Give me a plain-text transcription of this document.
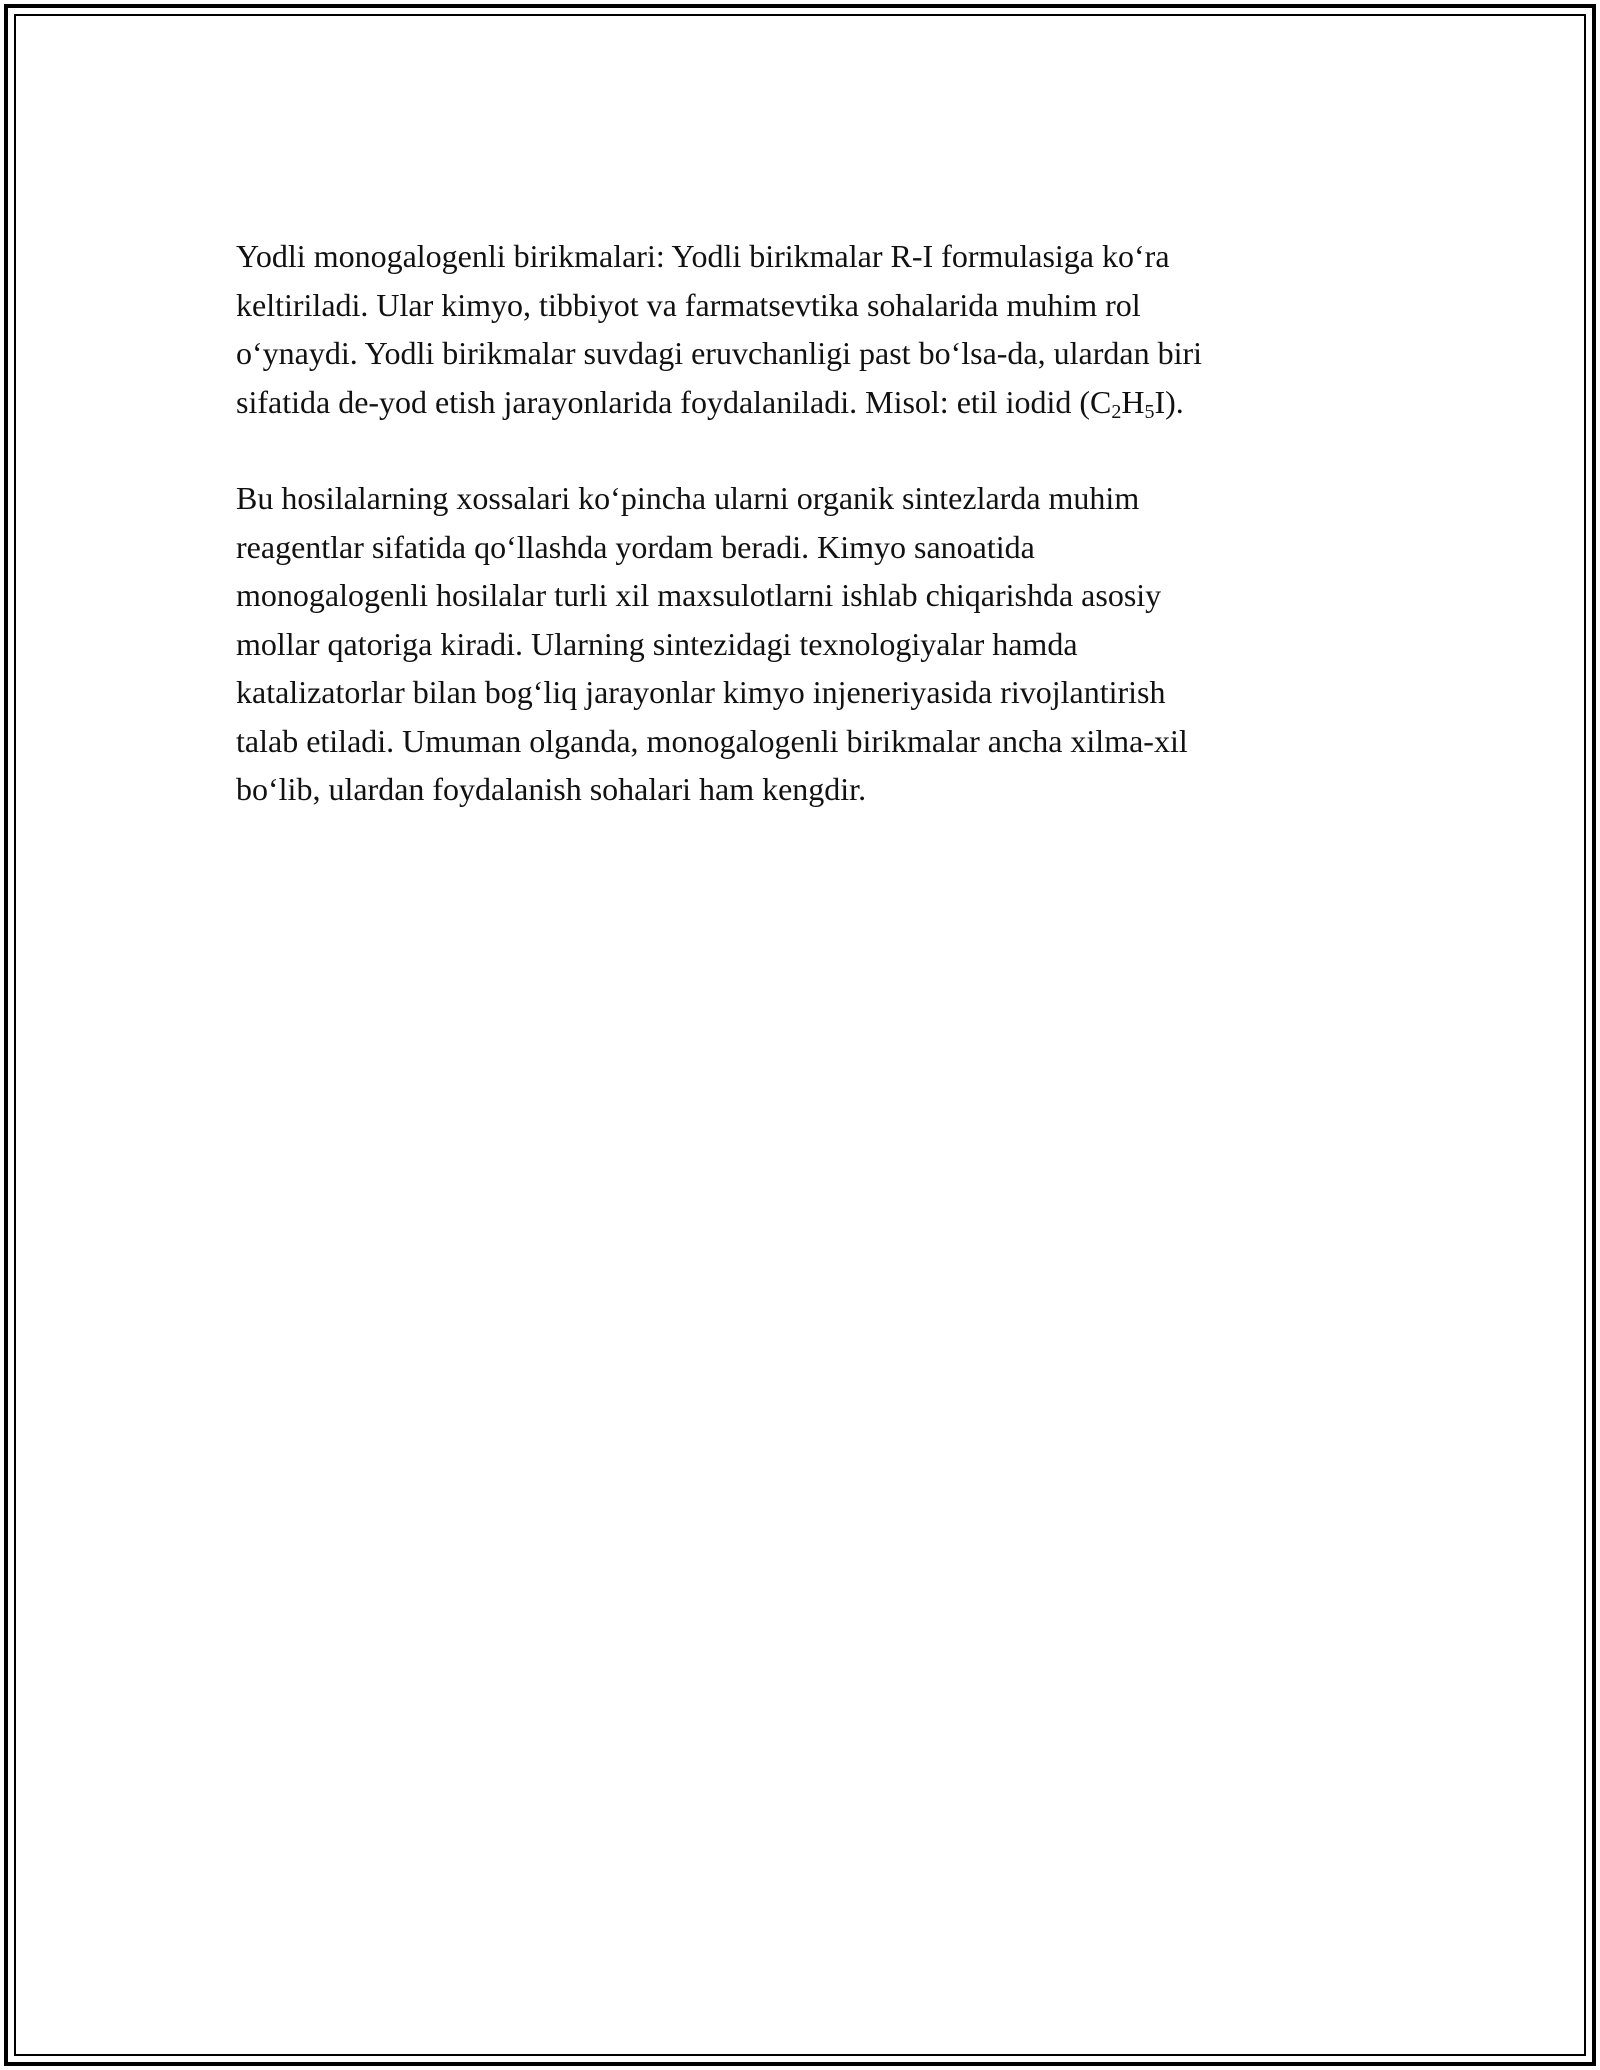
Yodli monogalogenli birikmalari: Yodli birikmalar R-I formulasiga koʻra
keltiriladi. Ular kimyo, tibbiyot va farmatsevtika sohalarida muhim rol
oʻynaydi. Yodli birikmalar suvdagi eruvchanligi past boʻlsa-da, ulardan biri
sifatida de-yod etish jarayonlarida foydalaniladi. Misol: etil iodid $(C_2H_5I)$.

Bu hosilalarning xossalari koʻpincha ularni organik sintezlarda muhim
reagentlar sifatida qoʻllashda yordam beradi. Kimyo sanoatida
monogalogenli hosilalar turli xil maxsulotlarni ishlab chiqarishda asosiy
mollar qatoriga kiradi. Ularning sintezidagi texnologiyalar hamda
katalizatorlar bilan bogʻliq jarayonlar kimyo injeneriyasida rivojlantirish
talab etiladi. Umuman olganda, monogalogenli birikmalar ancha xilma-xil
boʻlib, ulardan foydalanish sohalari ham kengdir.
